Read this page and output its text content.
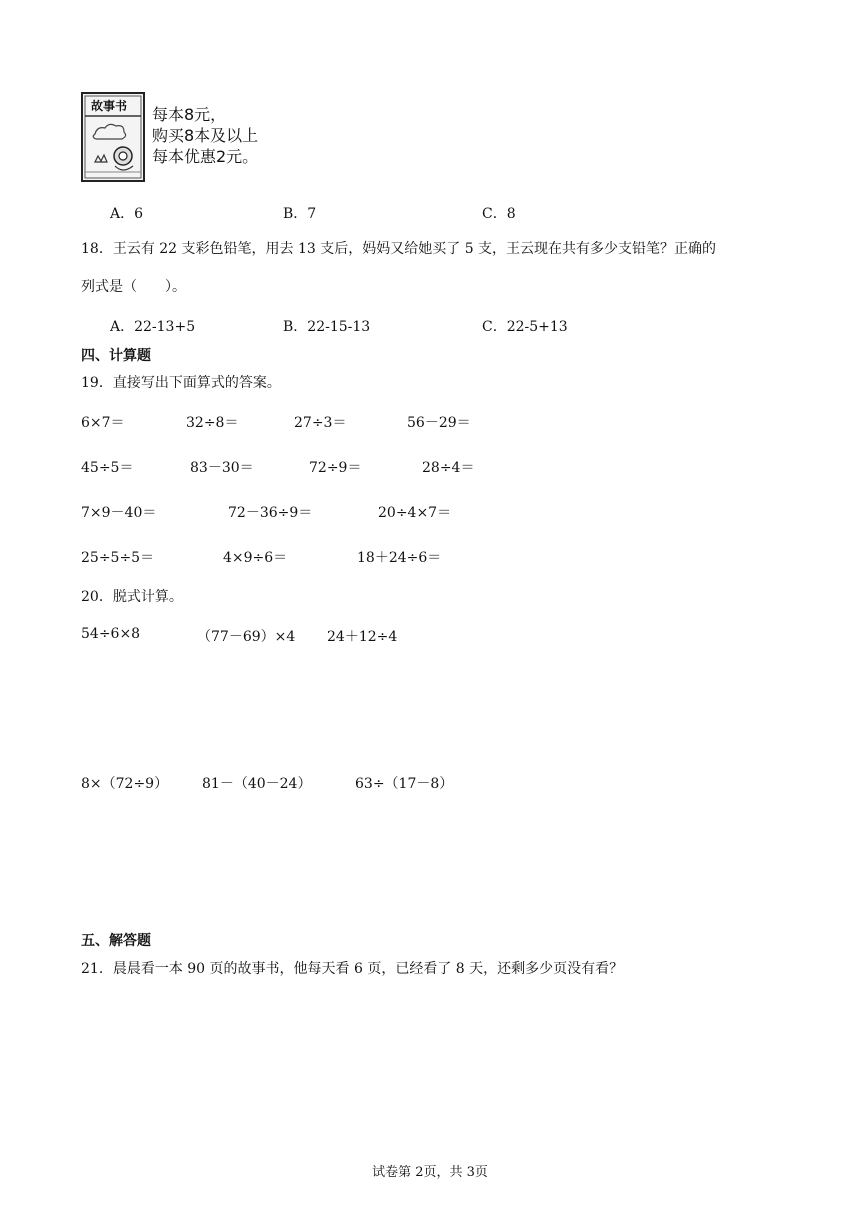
故事书 每本8元，
购买8本及以上
每本优惠2元。
A．6	B．7	C．8
18．王云有 22 支彩色铅笔，用去 13 支后，妈妈又给她买了 5 支，王云现在共有多少支铅笔？正确的
列式是（　　）。
A．22-13+5	B．22-15-13	C．22-5+13
四、计算题
19．直接写出下面算式的答案。
6×7＝	32÷8＝	27÷3＝	56－29＝
45÷5＝	83－30＝	72÷9＝	28÷4＝
7×9－40＝	72－36÷9＝	20÷4×7＝
25÷5÷5＝	4×9÷6＝	18＋24÷6＝
20．脱式计算。
54÷6×8	（77－69）×4 24＋12÷4
8×（72÷9） 81－（40－24）	63÷（17－8）
五、解答题
21．晨晨看一本 90 页的故事书，他每天看 6 页，已经看了 8 天，还剩多少页没有看？
试卷第 2页，共 3页
